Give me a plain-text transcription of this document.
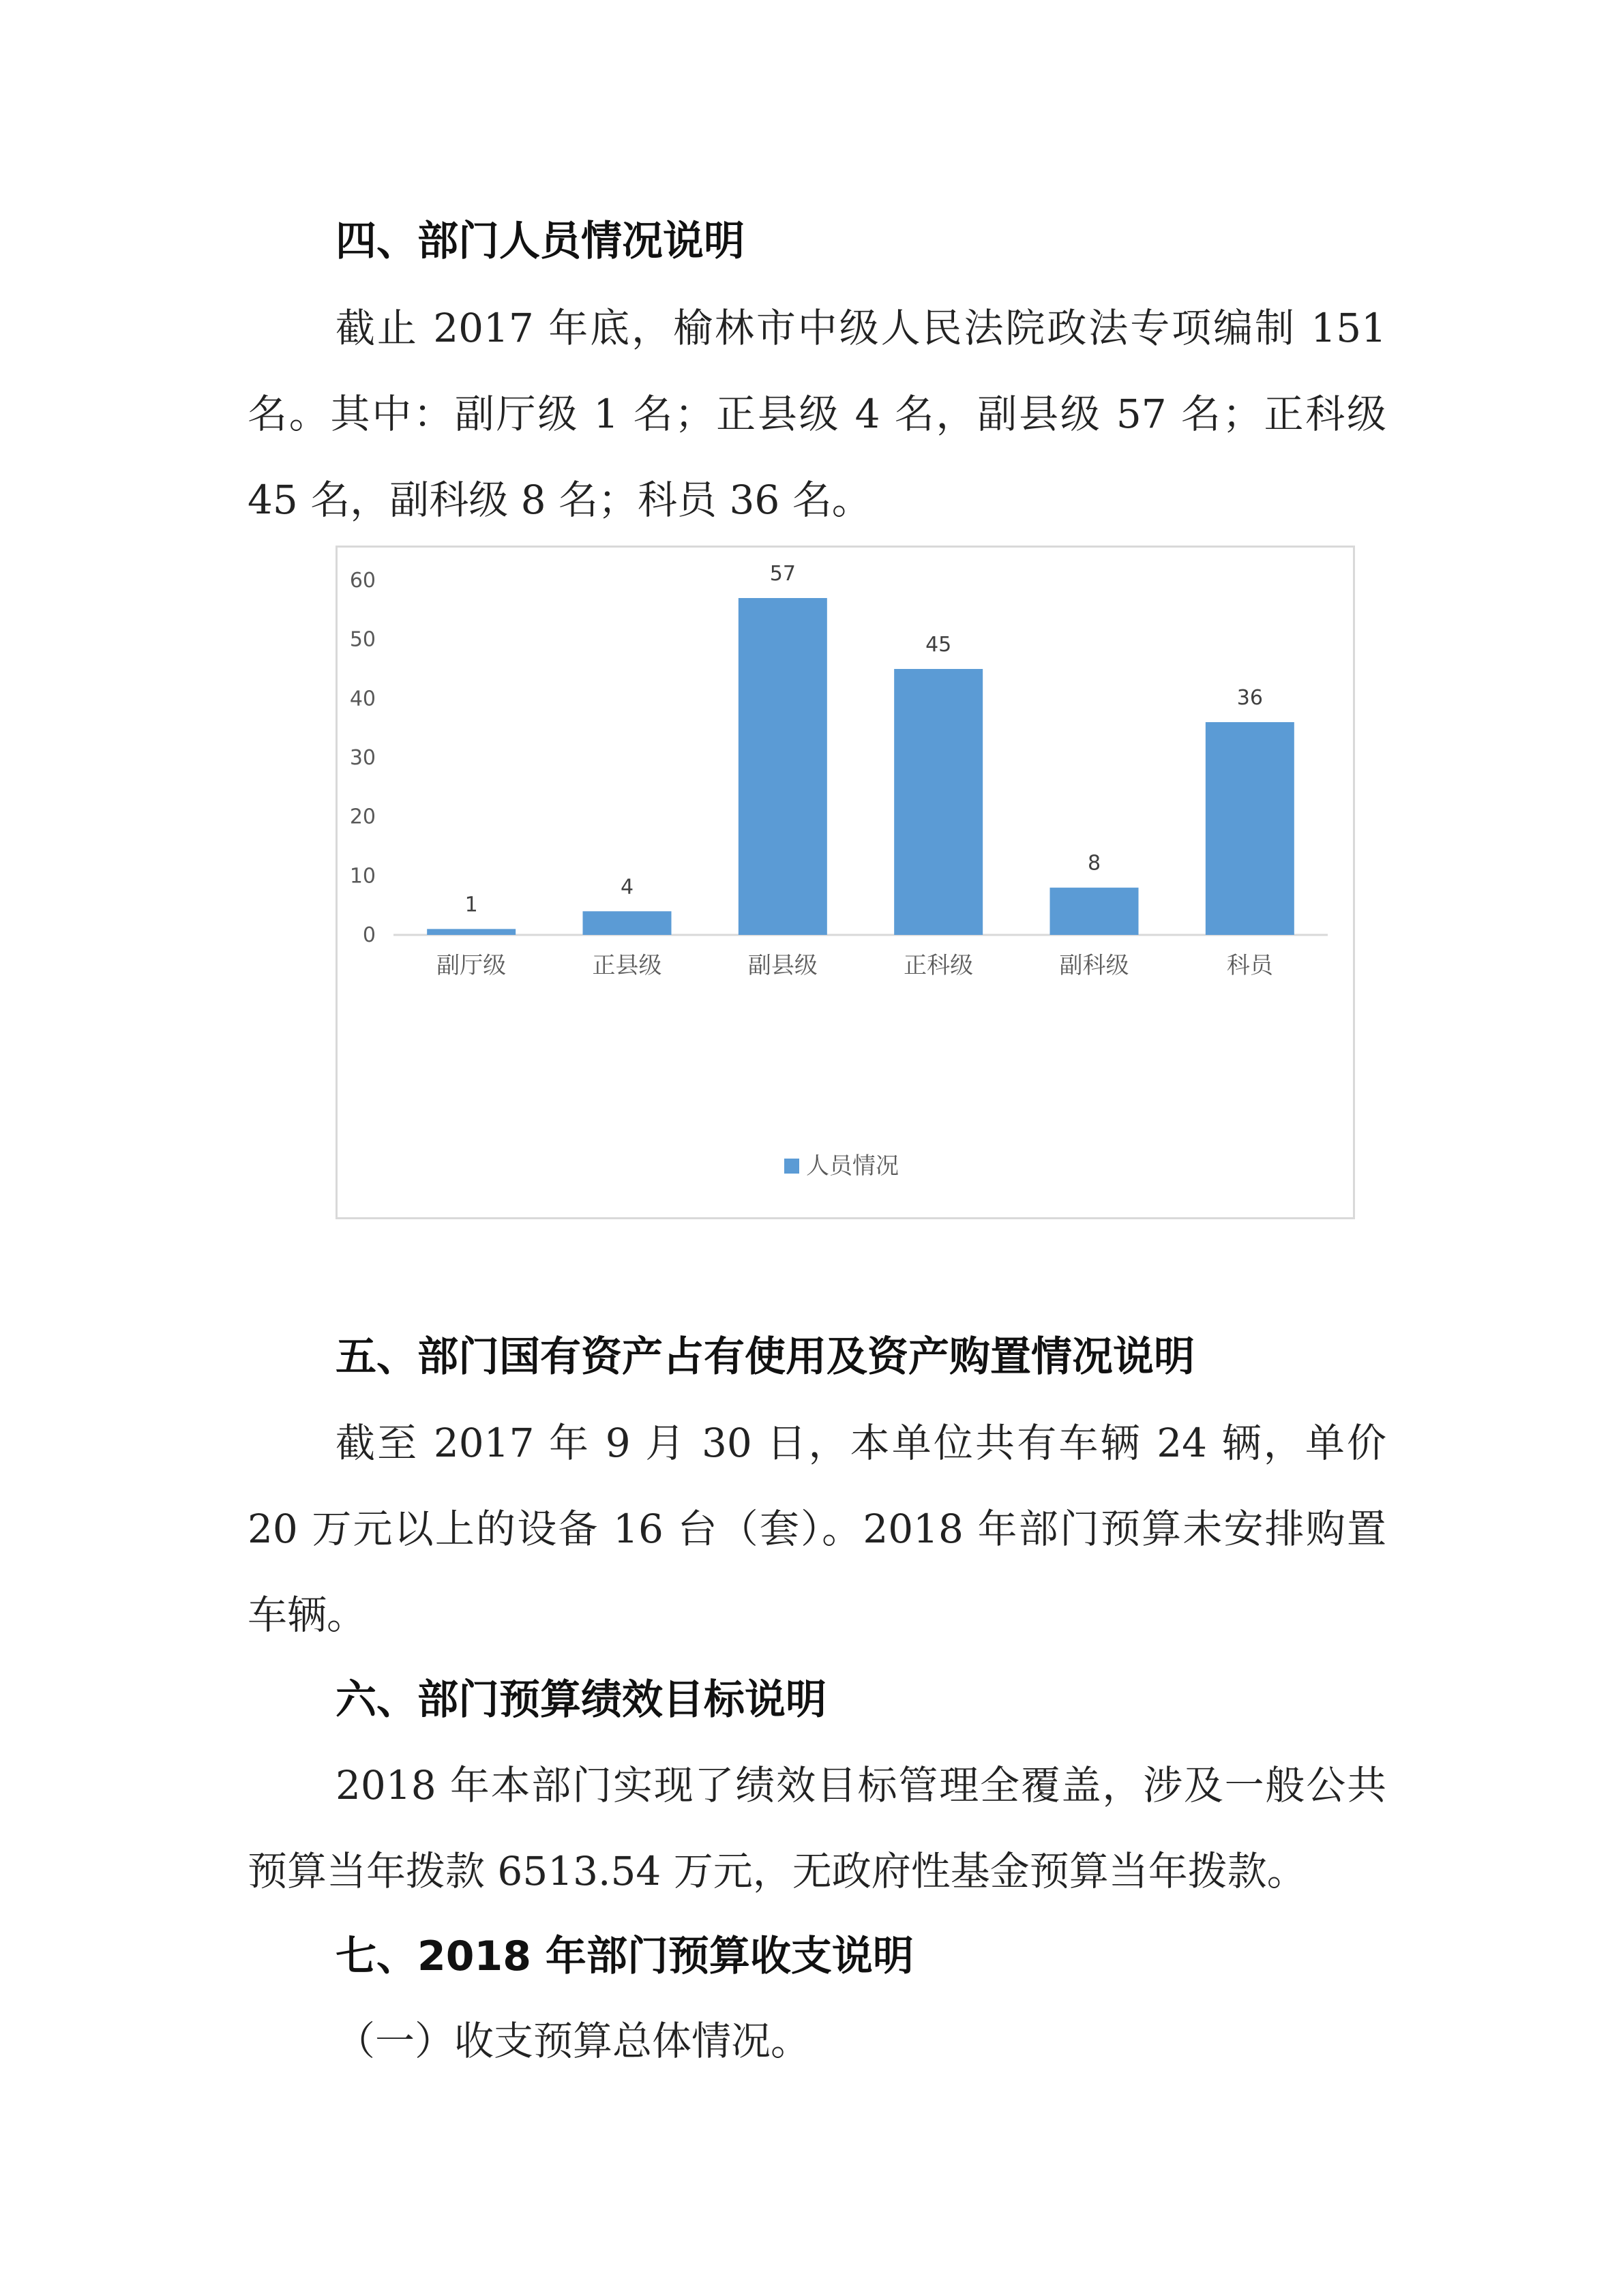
四、部门人员情况说明

截止 2017 年底，榆林市中级人民法院政法专项编制 151 名。其中：副厅级 1 名；正县级 4 名，副县级 57 名；正科级 45 名，副科级 8 名；科员 36 名。

0
10
20
30
40
50
60
1
副厅级
4
正县级
57
副县级
45
正科级
8
副科级
36
科员
人员情况
五、部门国有资产占有使用及资产购置情况说明

截至 2017 年 9 月 30 日，本单位共有车辆 24 辆，单价 20 万元以上的设备 16 台（套）。2018 年部门预算未安排购置车辆。

六、部门预算绩效目标说明

2018 年本部门实现了绩效目标管理全覆盖，涉及一般公共预算当年拨款 6513.54 万元，无政府性基金预算当年拨款。

七、2018 年部门预算收支说明

（一）收支预算总体情况。
